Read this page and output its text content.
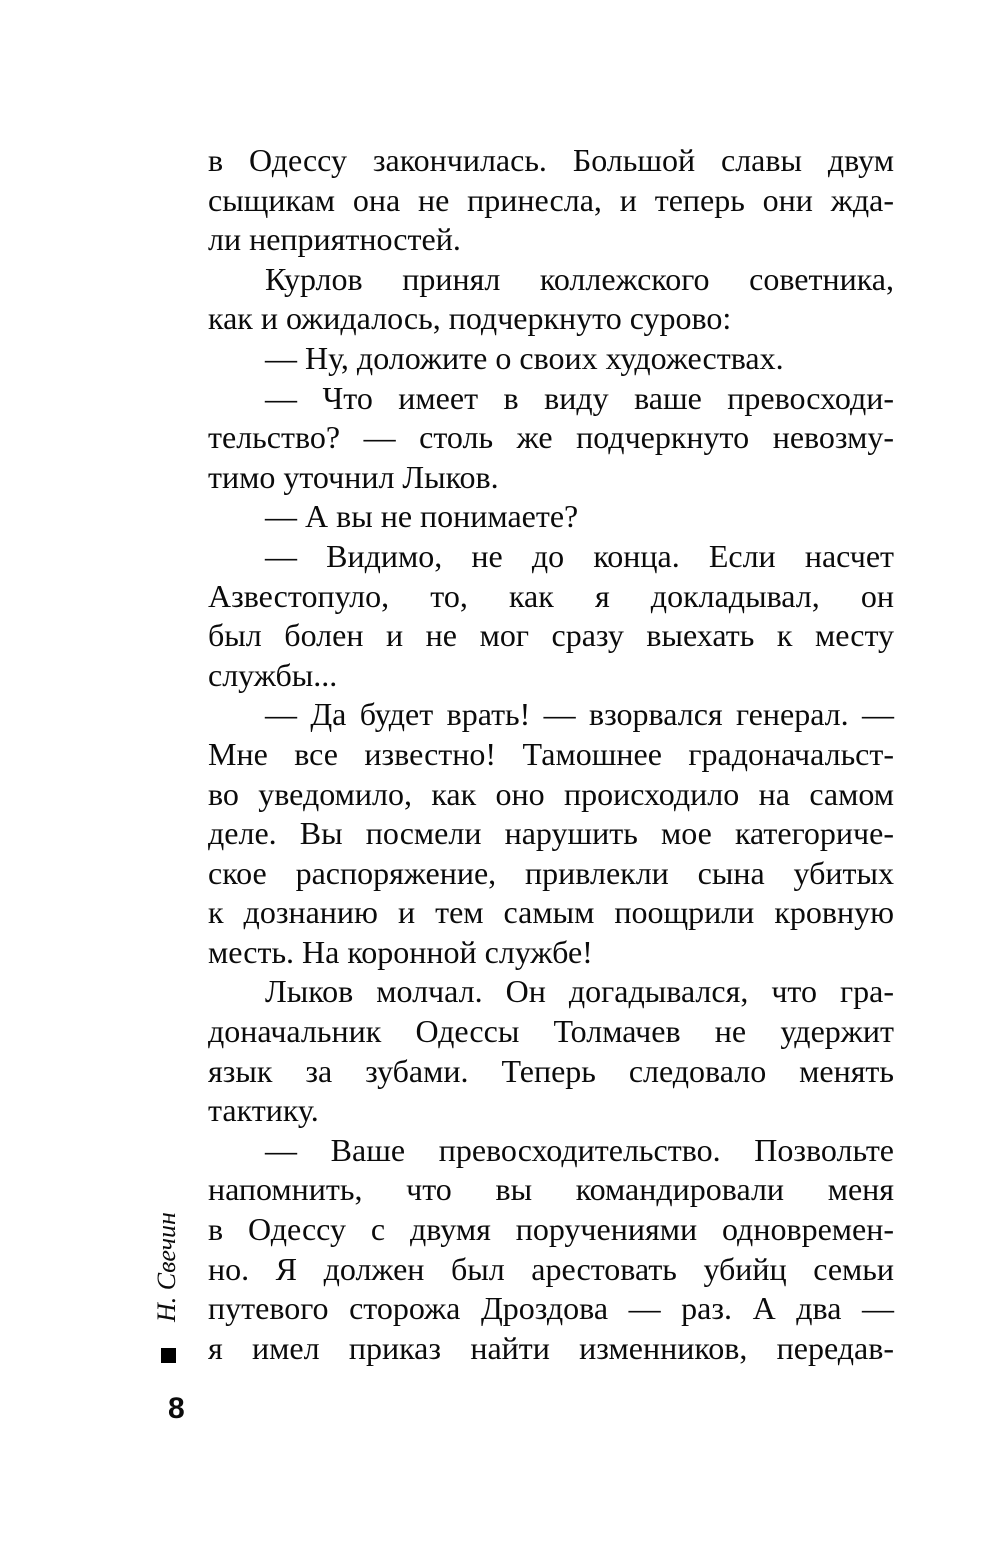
в Одессу закончилась. Большой славы двум
сыщикам она не принесла, и теперь они жда-
ли неприятностей.
Курлов принял коллежского советника,
как и ожидалось, подчеркнуто сурово:
— Ну, доложите о своих художествах.
— Что имеет в виду ваше превосходи-
тельство? — столь же подчеркнуто невозму-
тимо уточнил Лыков.
— А вы не понимаете?
— Видимо, не до конца. Если насчет
Азвестопуло, то, как я докладывал, он
был болен и не мог сразу выехать к месту
службы...
— Да будет врать! — взорвался генерал. —
Мне все известно! Тамошнее градоначальст-
во уведомило, как оно происходило на самом
деле. Вы посмели нарушить мое категориче-
ское распоряжение, привлекли сына убитых
к дознанию и тем самым поощрили кровную
месть. На коронной службе!
Лыков молчал. Он догадывался, что гра-
доначальник Одессы Толмачев не удержит
язык за зубами. Теперь следовало менять
тактику.
— Ваше превосходительство. Позвольте
напомнить, что вы командировали меня
в Одессу с двумя поручениями одновремен-
но. Я должен был арестовать убийц семьи
путевого сторожа Дроздова — раз. А два —
я имел приказ найти изменников, передав-
Н. Свечин
8
